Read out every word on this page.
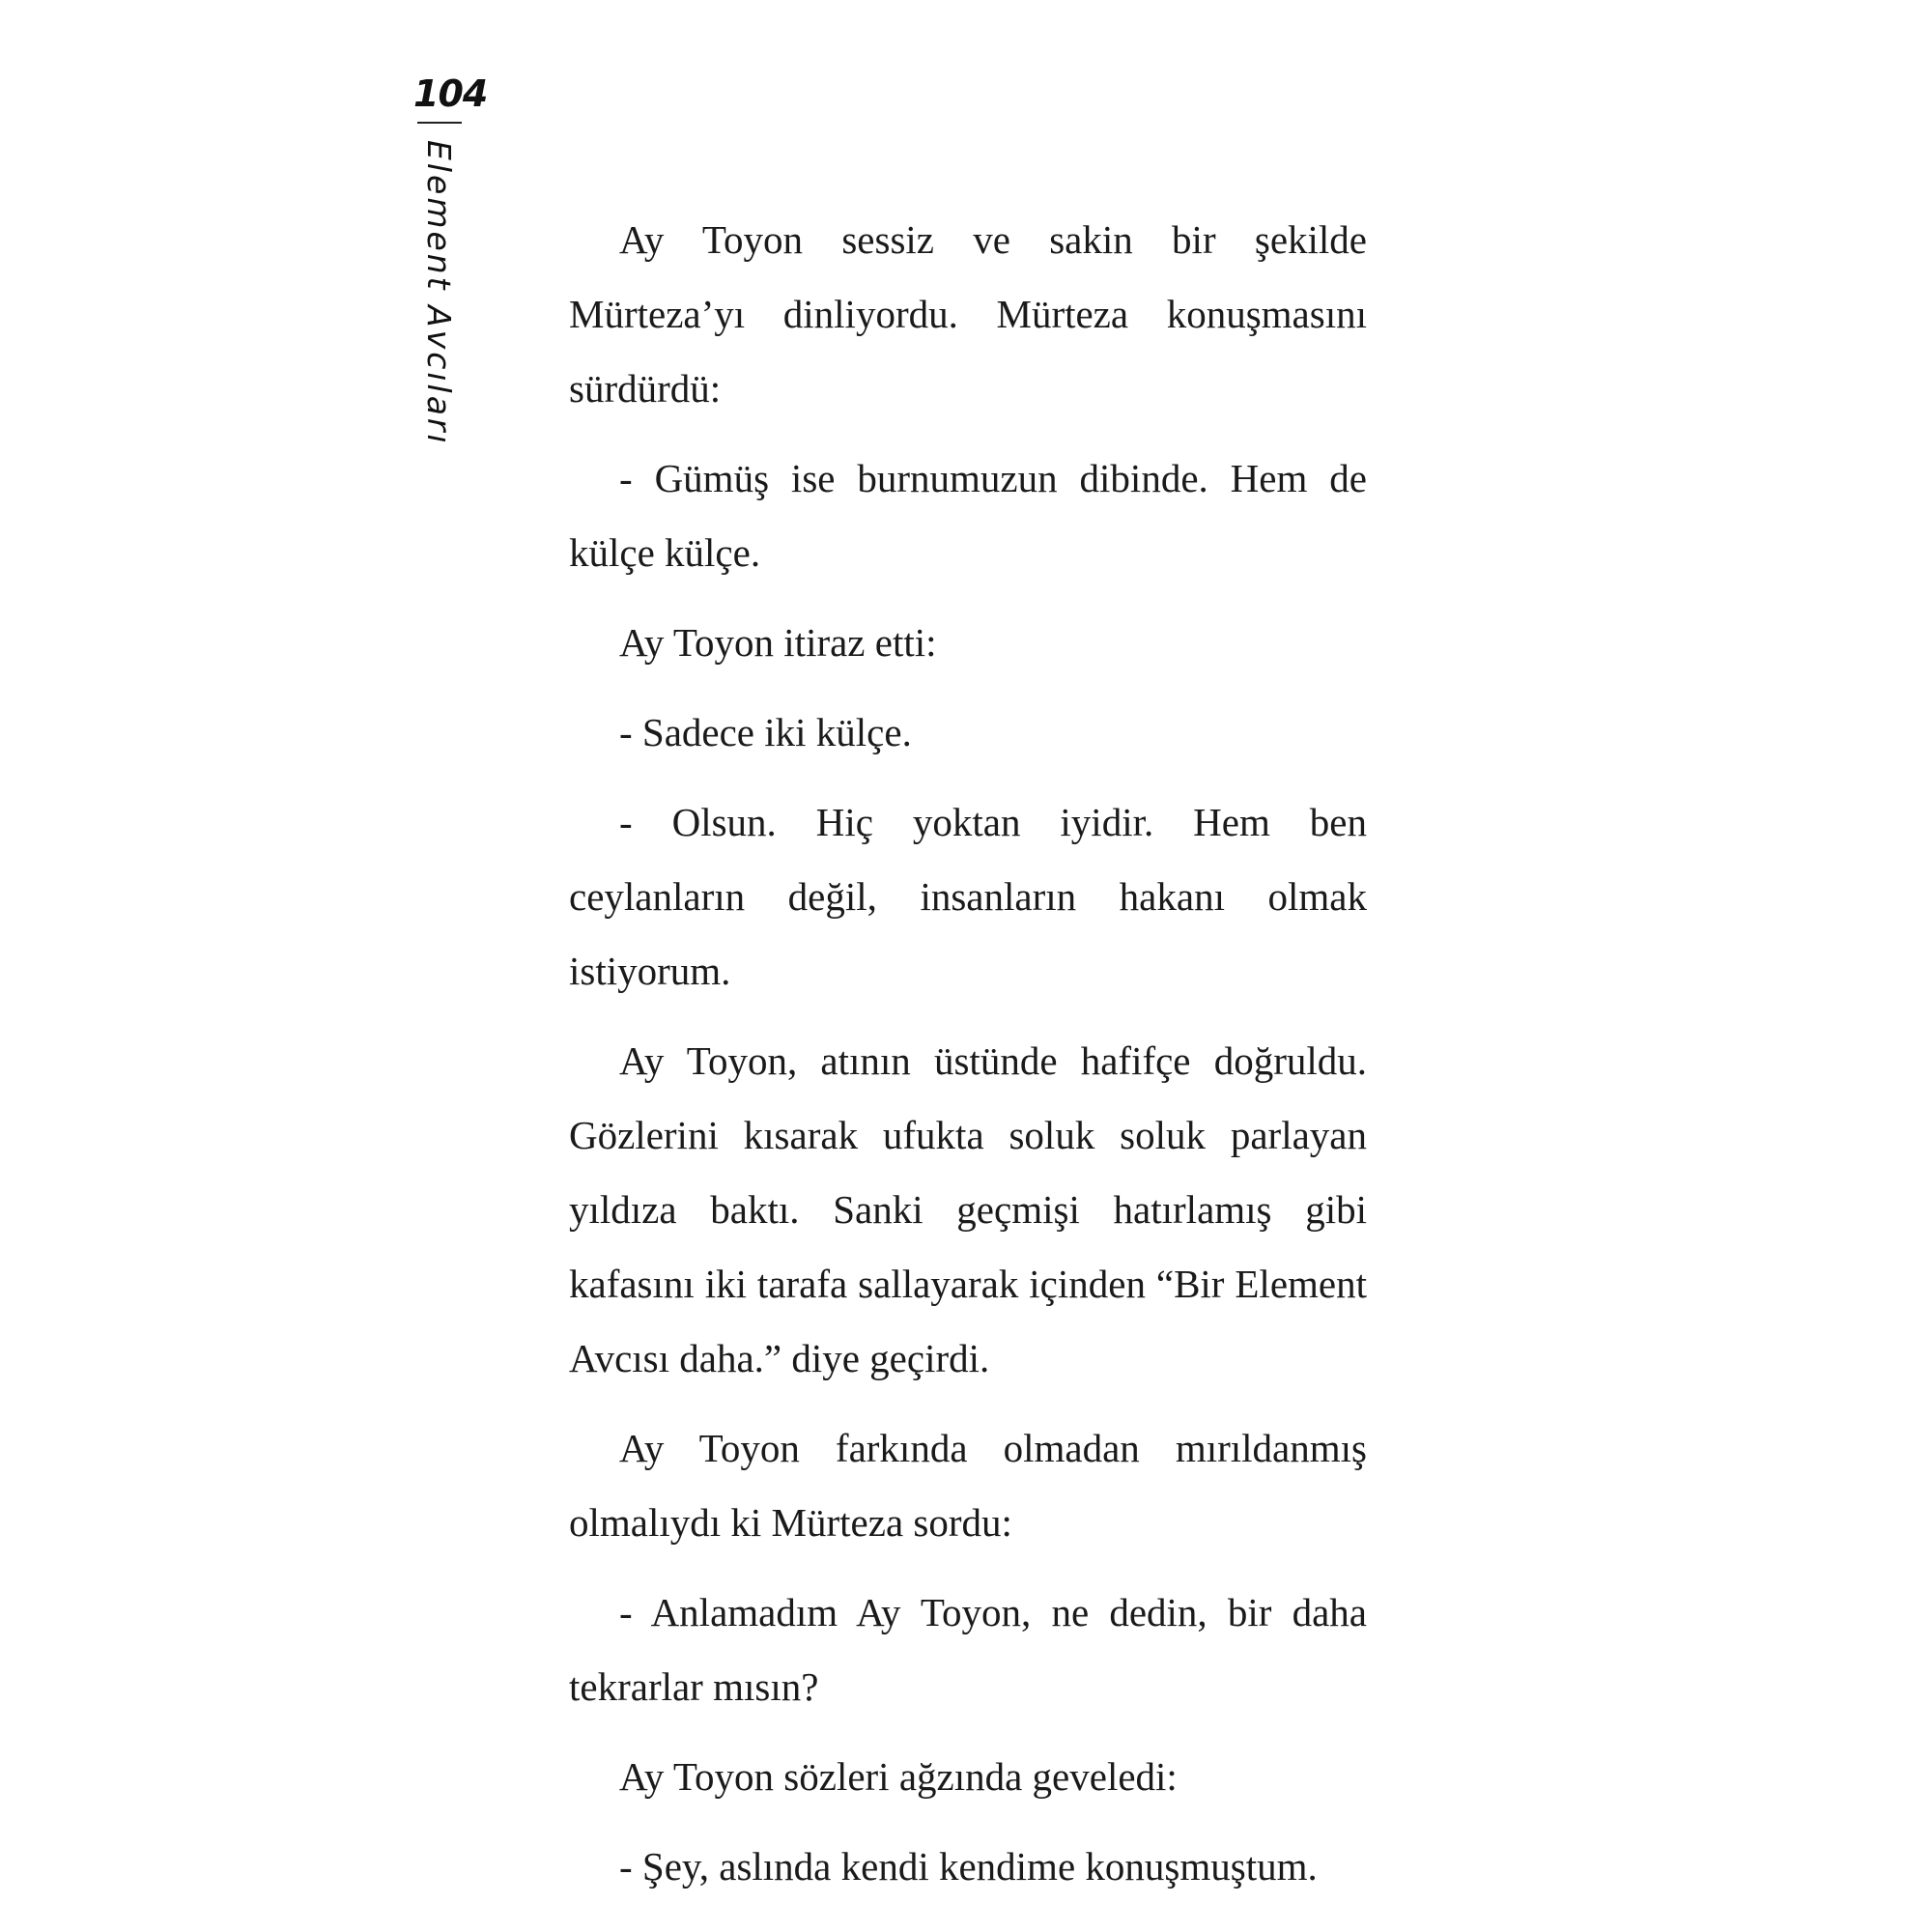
104
Element Avcıları	Ay Toyon sessiz ve sakin bir şekilde Mürteza’yı dinliyordu. Mürteza konuşmasını sürdürdü:

- Gümüş ise burnumuzun dibinde. Hem de külçe külçe.

Ay Toyon itiraz etti:

- Sadece iki külçe.

- Olsun. Hiç yoktan iyidir. Hem ben ceylanların değil, insanların hakanı olmak istiyorum.

Ay Toyon, atının üstünde hafifçe doğruldu. Gözlerini kısarak ufukta soluk soluk parlayan yıldıza baktı. Sanki geçmişi hatırlamış gibi kafasını iki tarafa sallayarak içinden “Bir Element Avcısı daha.” diye geçirdi.

Ay Toyon farkında olmadan mırıldanmış olmalıydı ki Mürteza sordu:

- Anlamadım Ay Toyon, ne dedin, bir daha tekrarlar mısın?

Ay Toyon sözleri ağzında geveledi:

- Şey, aslında kendi kendime konuşmuştum.
